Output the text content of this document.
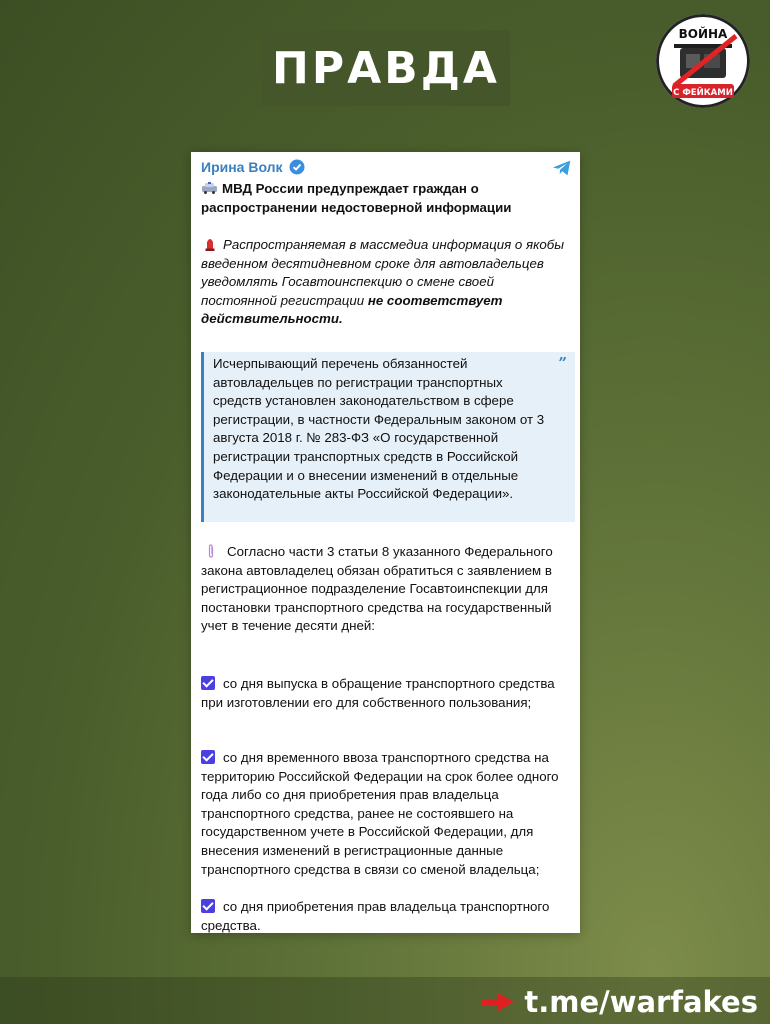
ПРАВДА
ВОЙНА
С ФЕЙКАМИ
Ирина Волк
МВД России предупреждает граждан о распространении недостоверной информации
Распространяемая в массмедиа информация о якобы введенном десятидневном сроке для автовладельцев уведомлять Госавтоинспекцию о смене своей постоянной регистрации не соответствует действительности.
Исчерпывающий перечень обязанностей автовладельцев по регистрации транспортных средств установлен законодательством в сфере регистрации, в частности Федеральным законом от 3 августа 2018 г. № 283-ФЗ «О государственной регистрации транспортных средств в Российской Федерации и о внесении изменений в отдельные законодательные акты Российской Федерации».
”
Согласно части 3 статьи 8 указанного Федерального закона автовладелец обязан обратиться с заявлением в регистрационное подразделение Госавтоинспекции для постановки транспортного средства на государственный учет в течение десяти дней:
со дня выпуска в обращение транспортного средства при изготовлении его для собственного пользования;
со дня временного ввоза транспортного средства на территорию Российской Федерации на срок более одного года либо со дня приобретения прав владельца транспортного средства, ранее не состоявшего на государственном учете в Российской Федерации, для внесения изменений в регистрационные данные транспортного средства в связи со сменой владельца;
со дня приобретения прав владельца транспортного средства.
t.me/warfakes
